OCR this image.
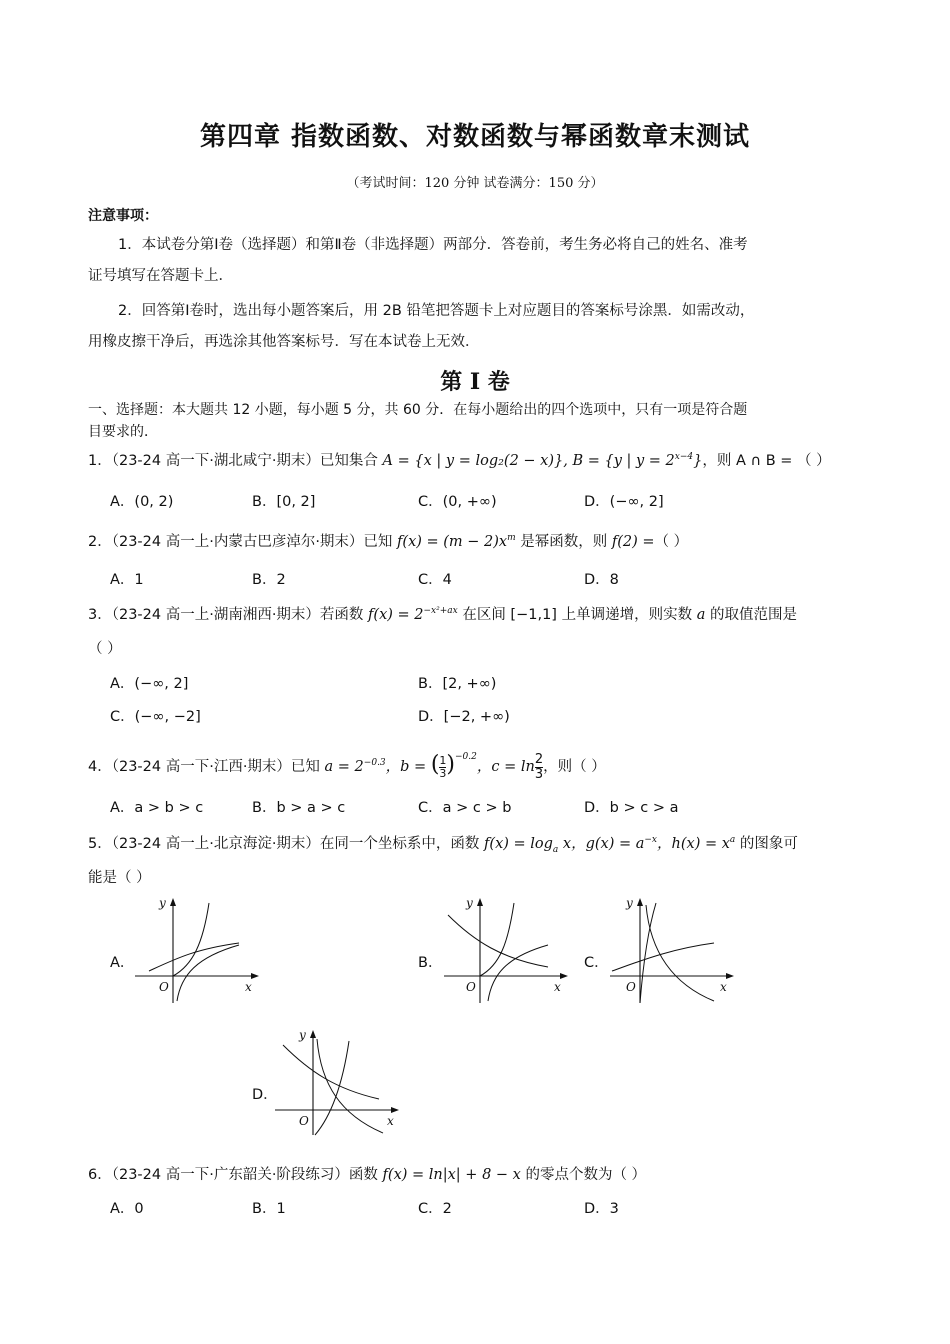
第四章 指数函数、对数函数与幂函数章末测试
（考试时间：120 分钟 试卷满分：150 分）
注意事项：
1．本试卷分第Ⅰ卷（选择题）和第Ⅱ卷（非选择题）两部分．答卷前，考生务必将自己的姓名、准考
证号填写在答题卡上．
2．回答第Ⅰ卷时，选出每小题答案后，用 2B 铅笔把答题卡上对应题目的答案标号涂黑．如需改动，
用橡皮擦干净后，再选涂其他答案标号．写在本试卷上无效．
第 I 卷
一、选择题：本大题共 12 小题，每小题 5 分，共 60 分．在每小题给出的四个选项中，只有一项是符合题
目要求的．
1．（23-24 高一下·湖北咸宁·期末）已知集合 A = {x | y = log₂(2 − x)}, B = {y | $y = 2^{x-4}$}，则 A ∩ B = （ ）
A．(0, 2)	B．[0, 2]	C．(0, +∞)	D．(−∞, 2]
2．（23-24 高一上·内蒙古巴彦淖尔·期末）已知 $f(x) = (m - 2)x^m$ 是幂函数，则 f(2) =（ ）
A．1	B．2	C．4	D．8
3．（23-24 高一上·湖南湘西·期末）若函数 $f(x) = 2^{-x^2+ax}$ 在区间 [−1,1] 上单调递增，则实数 a 的取值范围是
（ ）
A．(−∞, 2]	B．[2, +∞)
C．(−∞, −2]	D．[−2, +∞)
4．（23-24 高一下·江西·期末）已知 $a = 2^{-0.3}$，b = ( $\frac{1}{3} )^{-0.2}$，$c = \ln \frac{2}{3}$ ，则（ ）
A．a > b > c	B．b > a > c	C．a > c > b	D．b > c > a
5．（23-24 高一上·北京海淀·期末）在同一个坐标系中，函数 $f(x) = \log_a x$，$g(x) = a^{-x}$，$h(x) = x^a$ 的图象可
能是（ ）
A．	B．	C．
D．
y
x
O
y
x
O
y
x
O
y
x
O
6．（23-24 高一下·广东韶关·阶段练习）函数 f(x) = ln|x| + 8 − x 的零点个数为（ ）
A．0	B．1	C．2	D．3
